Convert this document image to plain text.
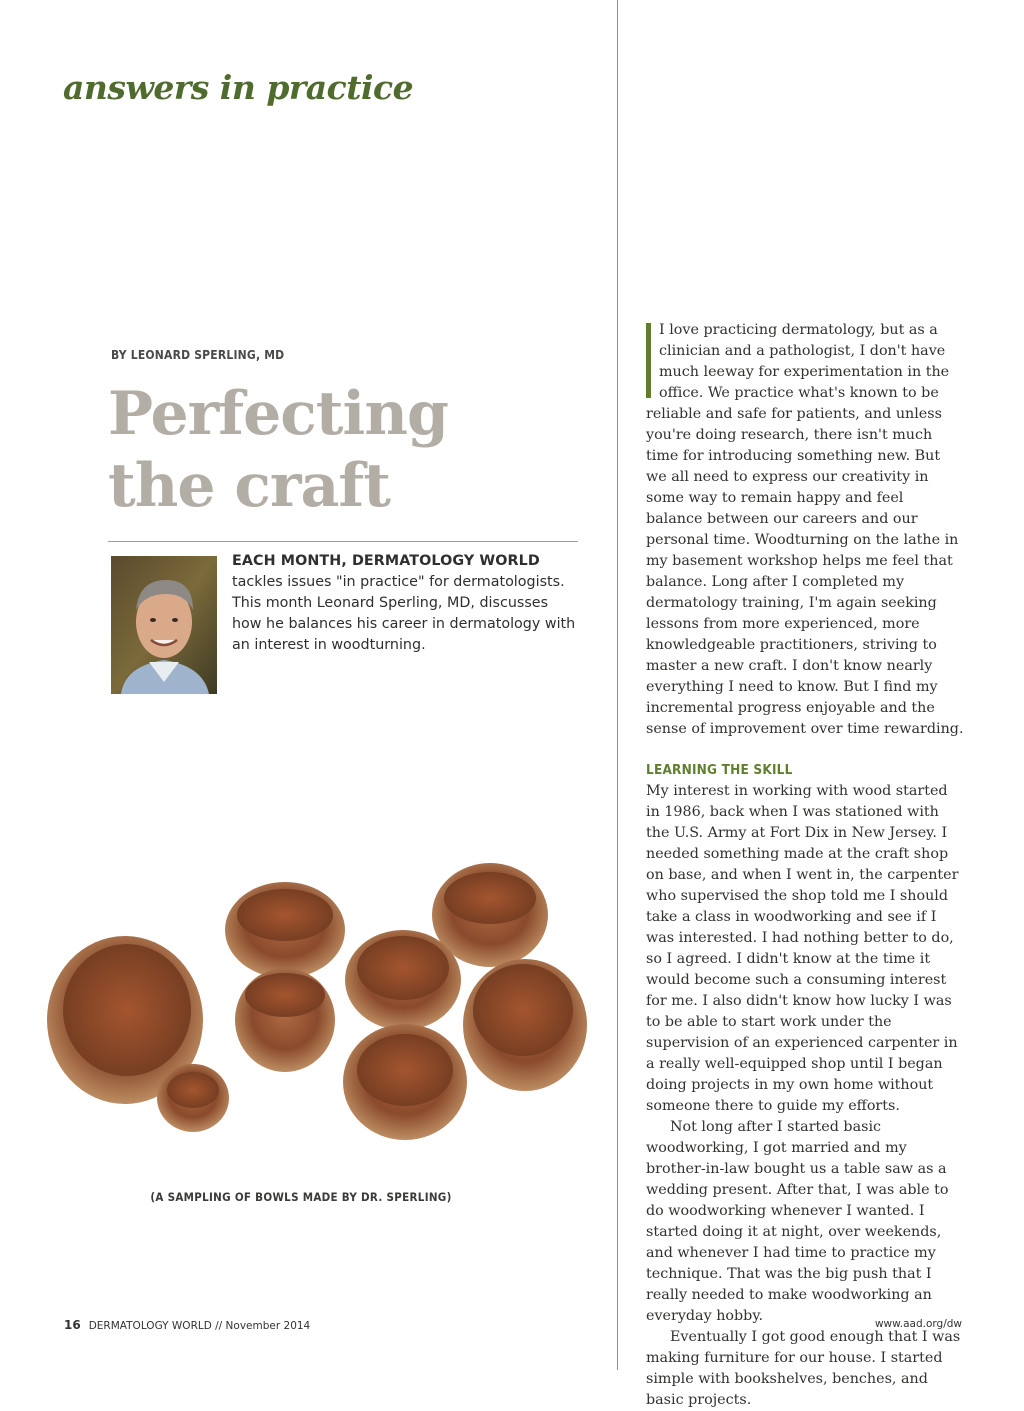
answers in practice
BY LEONARD SPERLING, MD
Perfecting
the craft

EACH MONTH, DERMATOLOGY WORLD tackles issues "in practice" for dermatologists. This month Leonard Sperling, MD, discusses how he balances his career in dermatology with an interest in woodturning.

(A SAMPLING OF BOWLS MADE BY DR. SPERLING)

I love practicing dermatology, but as a clinician and a pathologist, I don't have much leeway for experimentation in the office. We practice what's known to be reliable and safe for patients, and unless you're doing research, there isn't much time for introducing something new. But we all need to express our creativity in some way to remain happy and feel balance between our careers and our personal time. Woodturning on the lathe in my basement workshop helps me feel that balance. Long after I completed my dermatology training, I'm again seeking lessons from more experienced, more knowledgeable practitioners, striving to master a new craft. I don't know nearly everything I need to know. But I find my incremental progress enjoyable and the sense of improvement over time rewarding.

LEARNING THE SKILL

My interest in working with wood started in 1986, back when I was stationed with the U.S. Army at Fort Dix in New Jersey. I needed something made at the craft shop on base, and when I went in, the carpenter who supervised the shop told me I should take a class in woodworking and see if I was interested. I had nothing better to do, so I agreed. I didn't know at the time it would become such a consuming interest for me. I also didn't know how lucky I was to be able to start work under the supervision of an experienced carpenter in a really well-equipped shop until I began doing projects in my own home without someone there to guide my efforts.

Not long after I started basic woodworking, I got married and my brother-in-law bought us a table saw as a wedding present. After that, I was able to do woodworking whenever I wanted. I started doing it at night, over weekends, and whenever I had time to practice my technique. That was the big push that I really needed to make woodworking an everyday hobby.

Eventually I got good enough that I was making furniture for our house. I started simple with bookshelves, benches, and basic projects.

16 DERMATOLOGY WORLD // November 2014	www.aad.org/dw
